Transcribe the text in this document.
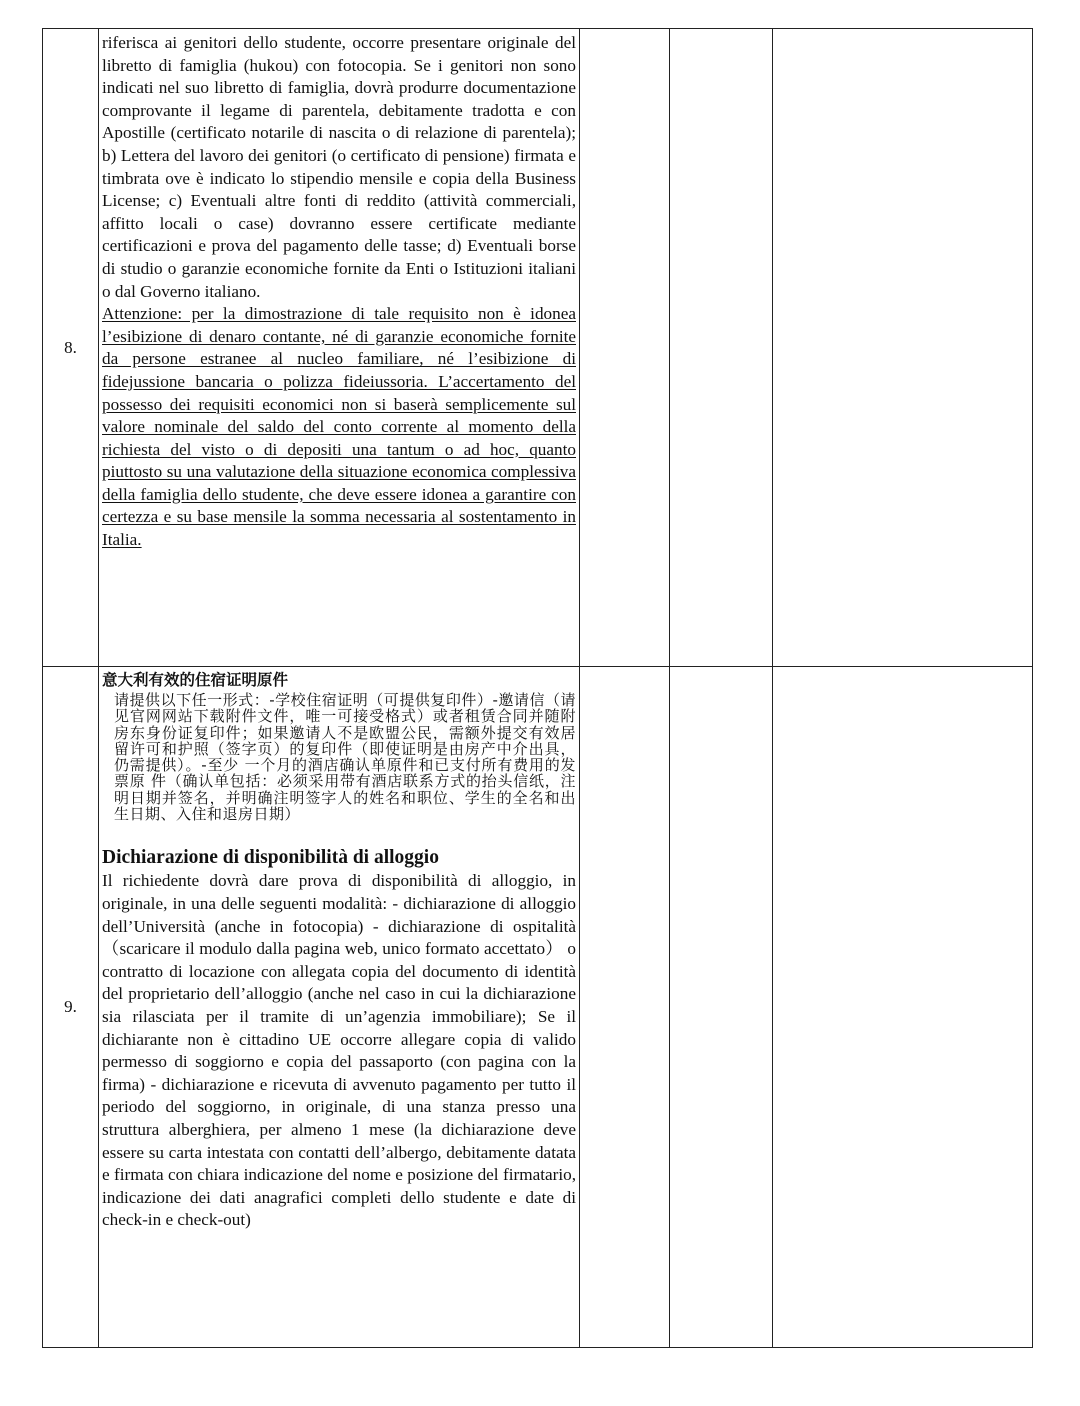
8.	riferisca ai genitori dello studente, occorre presentare originale del libretto di famiglia (hukou) con fotocopia. Se i genitori non sono indicati nel suo libretto di famiglia, dovrà produrre documentazione comprovante il legame di parentela, debitamente tradotta e con Apostille (certificato notarile di nascita o di relazione di parentela); b) Lettera del lavoro dei genitori (o certificato di pensione) firmata e timbrata ove è indicato lo stipendio mensile e copia della Business License; c) Eventuali altre fonti di reddito (attività commerciali, affitto locali o case) dovranno essere certificate mediante certificazioni e prova del pagamento delle tasse; d) Eventuali borse di studio o garanzie economiche fornite da Enti o Istituzioni italiani o dal Governo italiano.

Attenzione: per la dimostrazione di tale requisito non è idonea l’esibizione di denaro contante, né di garanzie economiche fornite da persone estranee al nucleo familiare, né l’esibizione di fidejussione bancaria o polizza fideiussoria. L’accertamento del possesso dei requisiti economici non si baserà semplicemente sul valore nominale del saldo del conto corrente al momento della richiesta del visto o di depositi una tantum o ad hoc, quanto piuttosto su una valutazione della situazione economica complessiva della famiglia dello studente, che deve essere idonea a garantire con certezza e su base mensile la somma necessaria al sostentamento in Italia.			

9.	意大利有效的住宿证明原件

请提供以下任一形式：-学校住宿证明（可提供复印件）-邀请信（请见官网网站下载附件文件，唯一可接受格式）或者租赁合同并随附房东身份证复印件；如果邀请人不是欧盟公民，需额外提交有效居留许可和护照（签字页）的复印件（即使证明是由房产中介出具，仍需提供）。-至少 一个月的酒店确认单原件和已支付所有费用的发票原 件（确认单包括：必须采用带有酒店联系方式的抬头信纸，注明日期并签名，并明确注明签字人的姓名和职位、学生的全名和出生日期、入住和退房日期）

Dichiarazione di disponibilità di alloggio

Il richiedente dovrà dare prova di disponibilità di alloggio, in originale, in una delle seguenti modalità: - dichiarazione di alloggio dell’Università (anche in fotocopia) - dichiarazione di ospitalità （scaricare il modulo dalla pagina web, unico formato accettato） o contratto di locazione con allegata copia del documento di identità del proprietario dell’alloggio (anche nel caso in cui la dichiarazione sia rilasciata per il tramite di un’agenzia immobiliare); Se il dichiarante non è cittadino UE occorre allegare copia di valido permesso di soggiorno e copia del passaporto (con pagina con la firma) - dichiarazione e ricevuta di avvenuto pagamento per tutto il periodo del soggiorno, in originale, di una stanza presso una struttura alberghiera, per almeno 1 mese (la dichiarazione deve essere su carta intestata con contatti dell’albergo, debitamente datata e firmata con chiara indicazione del nome e posizione del firmatario, indicazione dei dati anagrafici completi dello studente e date di check-in e check-out)			
